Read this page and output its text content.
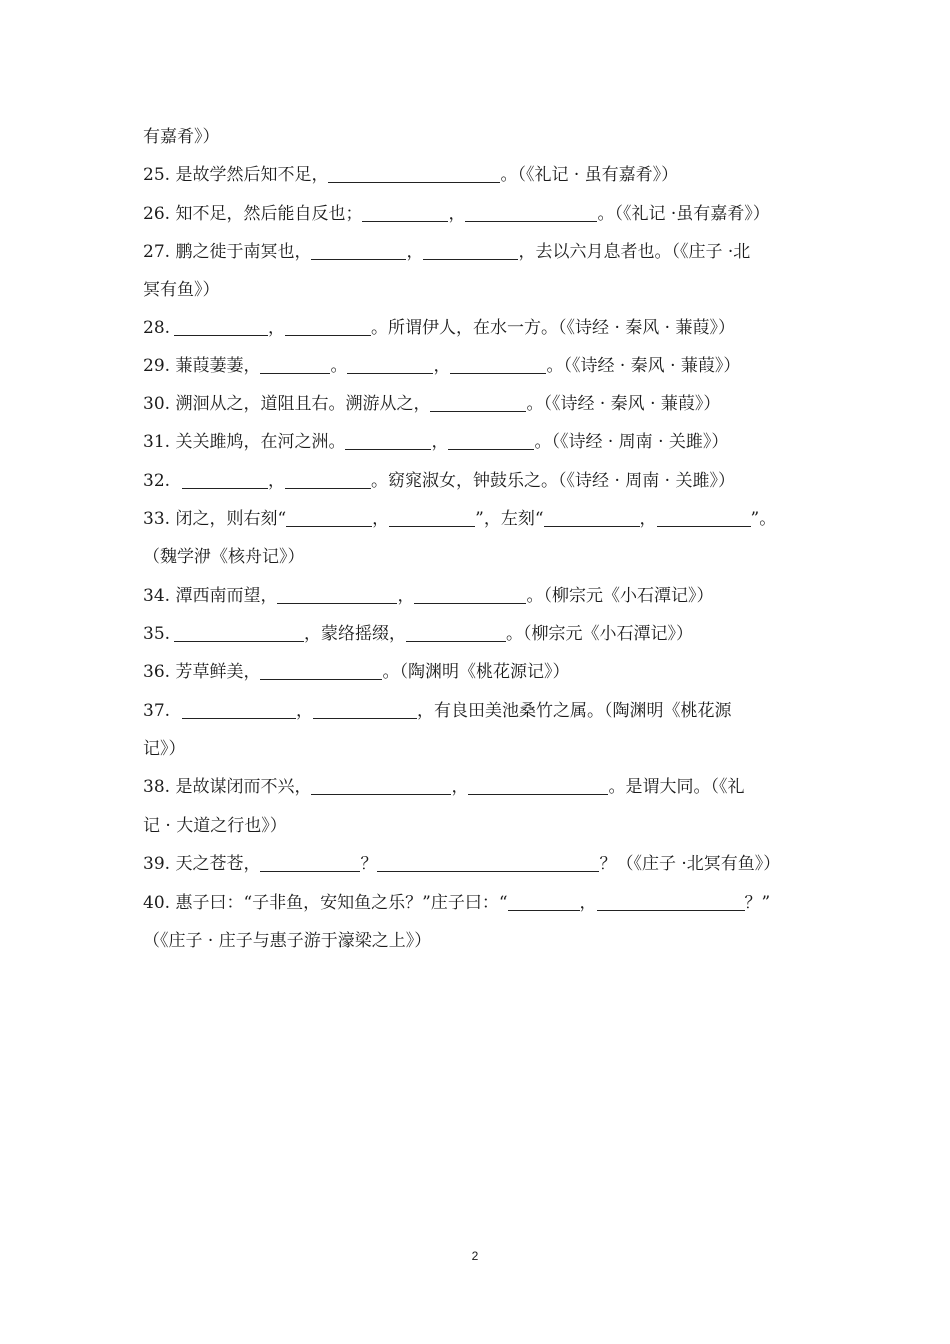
有嘉肴》）
25. 是故学然后知不足，	。（《礼记 · 虽有嘉肴》）
26. 知不足，然后能自反也；	，	。（《礼记 ·虽有嘉肴》）
27. 鹏之徙于南冥也，	，	，去以六月息者也。（《庄子 ·北
冥有鱼》）
28.	，	。所谓伊人，在水一方。（《诗经 · 秦风 · 蒹葭》）
29. 蒹葭萋萋，	。	，	。（《诗经 · 秦风 · 蒹葭》）
30. 溯洄从之，道阻且右。溯游从之，	。（《诗经 · 秦风 · 蒹葭》）
31. 关关雎鸠，在河之洲。	，	。（《诗经 · 周南 · 关雎》）
32.	，	。窈窕淑女，钟鼓乐之。（《诗经 · 周南 · 关雎》）
33. 闭之，则右刻“	，	”，左刻“	，	”。
（魏学洢《核舟记》）
34. 潭西南而望，	，	。（柳宗元《小石潭记》）
35.	，蒙络摇缀，	。（柳宗元《小石潭记》）
36. 芳草鲜美，	。（陶渊明《桃花源记》）
37.	，	，有良田美池桑竹之属。（陶渊明《桃花源
记》）
38. 是故谋闭而不兴，	，	。是谓大同。（《礼
记 · 大道之行也》）
39. 天之苍苍，	？	？（《庄子 ·北冥有鱼》）
40. 惠子曰：“子非鱼，安知鱼之乐？”庄子曰：“	，	？”
（《庄子 · 庄子与惠子游于濠梁之上》）
2
